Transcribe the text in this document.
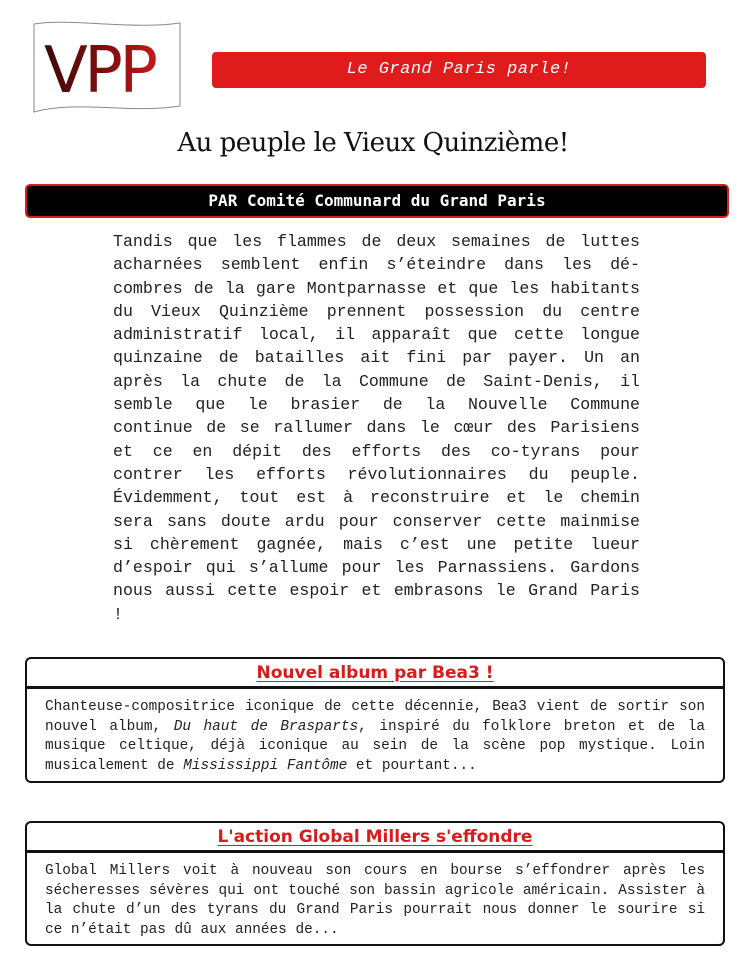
VPP	Le Grand Paris parle!
Au peuple le Vieux Quinzième!
PAR Comité Communard du Grand Paris

Tandis que les flammes de deux semaines de luttes acharnées semblent enfin s’éteindre dans les décombres de la gare Montparnasse et que les habitants du Vieux Quinzième prennent possession du centre administratif local, il apparaît que cette longue quinzaine de batailles ait fini par payer. Un an après la chute de la Commune de Saint-Denis, il semble que le brasier de la Nouvelle Commune continue de se rallumer dans le cœur des Parisiens et ce en dépit des efforts des co-tyrans pour contrer les efforts révolutionnaires du peuple. Évidemment, tout est à reconstruire et le chemin sera sans doute ardu pour conserver cette mainmise si chèrement gagnée, mais c’est une petite lueur d’espoir qui s’allume pour les Parnassiens. Gardons nous aussi cette espoir et embrasons le Grand Paris !

Nouvel album par Bea3 !
Chanteuse-compositrice iconique de cette décennie, Bea3 vient de sortir son nouvel album, Du haut de Brasparts, inspiré du folklore breton et de la musique celtique, déjà iconique au sein de la scène pop mystique. Loin musicalement de Mississippi Fantôme et pourtant...
L'action Global Millers s'effondre
Global Millers voit à nouveau son cours en bourse s’effondrer après les sécheresses sévères qui ont touché son bassin agricole américain. Assister à la chute d’un des tyrans du Grand Paris pourrait nous donner le sourire si ce n’était pas dû aux années de...
